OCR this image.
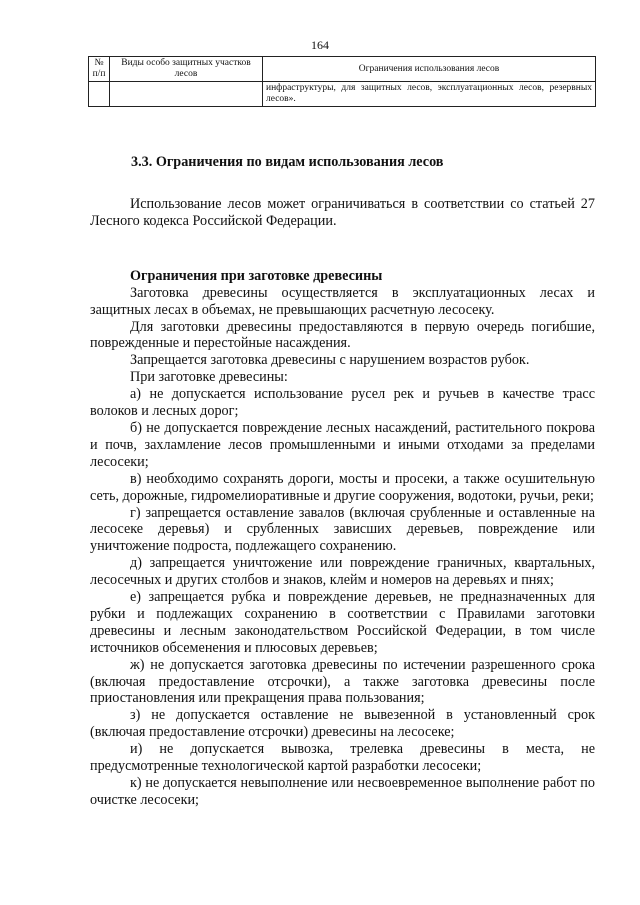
164
№ п/п	Виды особо защитных участков лесов	Ограничения использования лесов
		инфраструктуры, для защитных лесов, эксплуатационных лесов, резервных лесов».
3.3. Ограничения по видам использования лесов

Использование лесов может ограничиваться в соответствии со статьей 27 Лесного кодекса Российской Федерации.

Ограничения при заготовке древесины

Заготовка древесины осуществляется в эксплуатационных лесах и защитных лесах в объемах, не превышающих расчетную лесосеку.

Для заготовки древесины предоставляются в первую очередь погибшие, поврежденные и перестойные насаждения.

Запрещается заготовка древесины с нарушением возрастов рубок.

При заготовке древесины:

а) не допускается использование русел рек и ручьев в качестве трасс волоков и лесных дорог;

б) не допускается повреждение лесных насаждений, растительного покрова и почв, захламление лесов промышленными и иными отходами за пределами лесосеки;

в) необходимо сохранять дороги, мосты и просеки, а также осушительную сеть, дорожные, гидромелиоративные и другие сооружения, водотоки, ручьи, реки;

г) запрещается оставление завалов (включая срубленные и оставленные на лесосеке деревья) и срубленных зависших деревьев, повреждение или уничтожение подроста, подлежащего сохранению.

д) запрещается уничтожение или повреждение граничных, квартальных, лесосечных и других столбов и знаков, клейм и номеров на деревьях и пнях;

е) запрещается рубка и повреждение деревьев, не предназначенных для рубки и подлежащих сохранению в соответствии с Правилами заготовки древесины и лесным законодательством Российской Федерации, в том числе источников обсеменения и плюсовых деревьев;

ж) не допускается заготовка древесины по истечении разрешенного срока (включая предоставление отсрочки), а также заготовка древесины после приостановления или прекращения права пользования;

з) не допускается оставление не вывезенной в установленный срок (включая предоставление отсрочки) древесины на лесосеке;

и) не допускается вывозка, трелевка древесины в места, не предусмотренные технологической картой разработки лесосеки;

к) не допускается невыполнение или несвоевременное выполнение работ по очистке лесосеки;
